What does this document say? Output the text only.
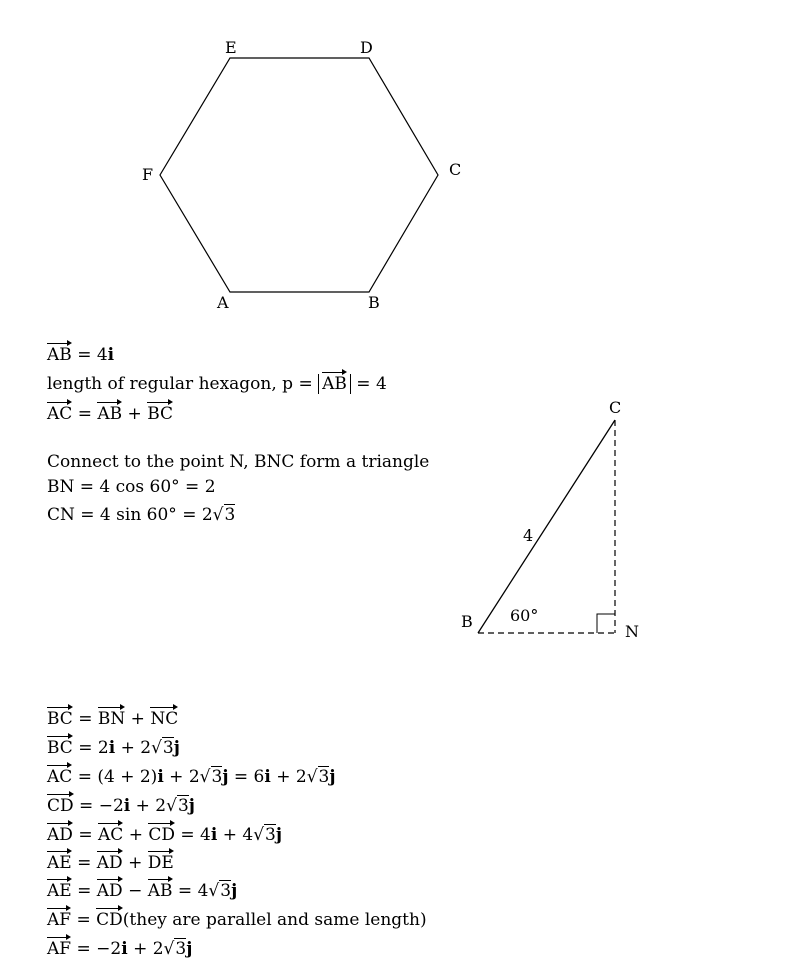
A	B
C
D
E
F
C
B
N
4
60°
AB = 4i
length of regular hexagon, p = AB = 4
AC = AB + BC
Connect to the point N, BNC form a triangle
BN = 4 cos 60° = 2
CN = 4 sin 60° = 2√3
BC = BN + NC
BC = 2i + 2√3j
AC = (4 + 2)i + 2√3j = 6i + 2√3j
CD = −2i + 2√3j
AD = AC + CD = 4i + 4√3j
AE = AD + DE
AE = AD − AB = 4√3j
AF = CD(they are parallel and same length)
AF = −2i + 2√3j
